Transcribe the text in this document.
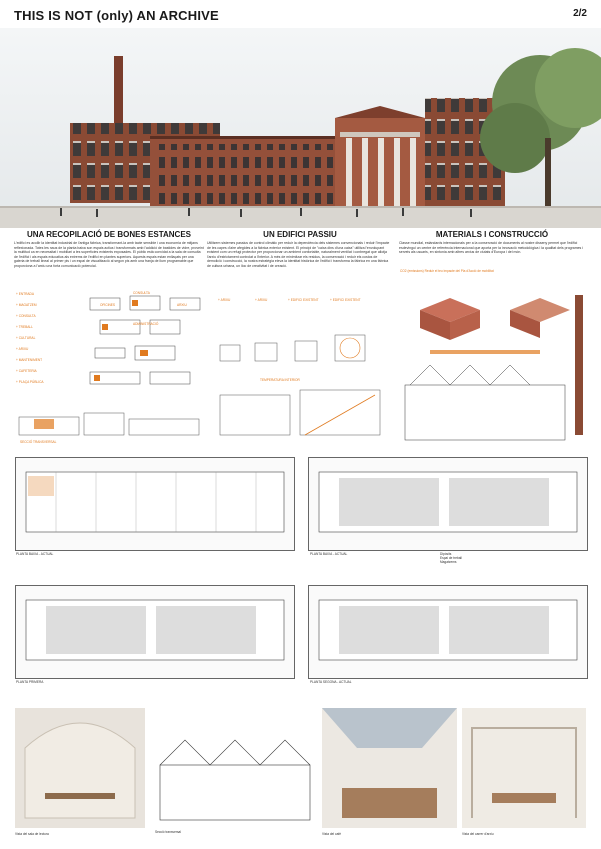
THIS IS NOT (only) AN ARCHIVE	2/2
UNA RECOPILACIÓ DE BONES ESTANCES
L'edifici es acollir la identitat industrial de l'antiga fàbrica, transformant-la amb tacte sensible i una economia de mitjans reflexionada. Totes les naus de la planta baixa son espais actius i transformats amb l'addició de bastides de vidre, proveint la multitud ca en necessitat i mobiliari a les superfícies existents exposades. El públic està convidat a la sala de consulta de l'edifici i als espais educatius als extrems de l'edifici en plantes superiors. Aquests espais estan enllaçats per una galeria de treball lineal al primer pis i un espai de visualització al segon pis amb una franja de llum programable que proporciona a l'arxiu una forta comunicació potencial.
+ ENTRADA
+ MAGATZEM
+ CONSULTA
+ TREBALL
+ CULTURAL
+ ARXIU
+ MANTENIMENT
+ CAFETERIA
+ PLAÇA PÚBLICA
OFICINES
CONSULTA
ARXIU
ADMINISTRACIÓ
SECCIÓ TRANSVERSAL
UN EDIFICI PASSIU
Utilitzem sistemes passius de control climàtic per reduir la dependència dels sistemes convencionals i reduir l'impacte de les capes d'aire afegides a la fàbrica exterior existent. El principi de "caixa dins d'una caixa" utilitza l'envolupant existent com un refugi protector per proporcionar un ambient confortable, naturalment ventilat i conbregat que allotja l'arxiu d'estrictament controlat a l'interior. A més de minimitzar els residus, la conservació i reduir els costos de demolició i construcció, la nostra estratègia eleva la identitat històrica de l'edifici i transforma la fàbrica en una fàbrica de cultura urbana, un lloc de creativitat i de creació.
+ ARXIU	+ ARXIU	+ EDIFICI EXISTENT	+ EDIFICI EXISTENT
TEMPERATURA INTERIOR
MATERIALS I CONSTRUCCIÓ
Classe mundial, estàndards internacionals per a la conservació de documents al nostre disseny permet que l'edifici esdevingui un centre de referència internacional que aporta per la innovació metodològica i la qualitat dels programes i serveis als usuaris, en sintonia amb altres arxius de ciutats d'Europa i del món.
CO2 (emissions) Reduir el teu impacte del Pla d'Acció de mobilitat
PLANTA BAIXA - ACTUAL	PLANTA BAIXA - ACTUAL	Dipòsits
Espai de treball
Magatzems
PLANTA PRIMERA	PLANTA SEGONA - ACTUAL
Vista del sala de lectura	Secció transversal	Vista del cafè	Vista del carrer d'arxiu
